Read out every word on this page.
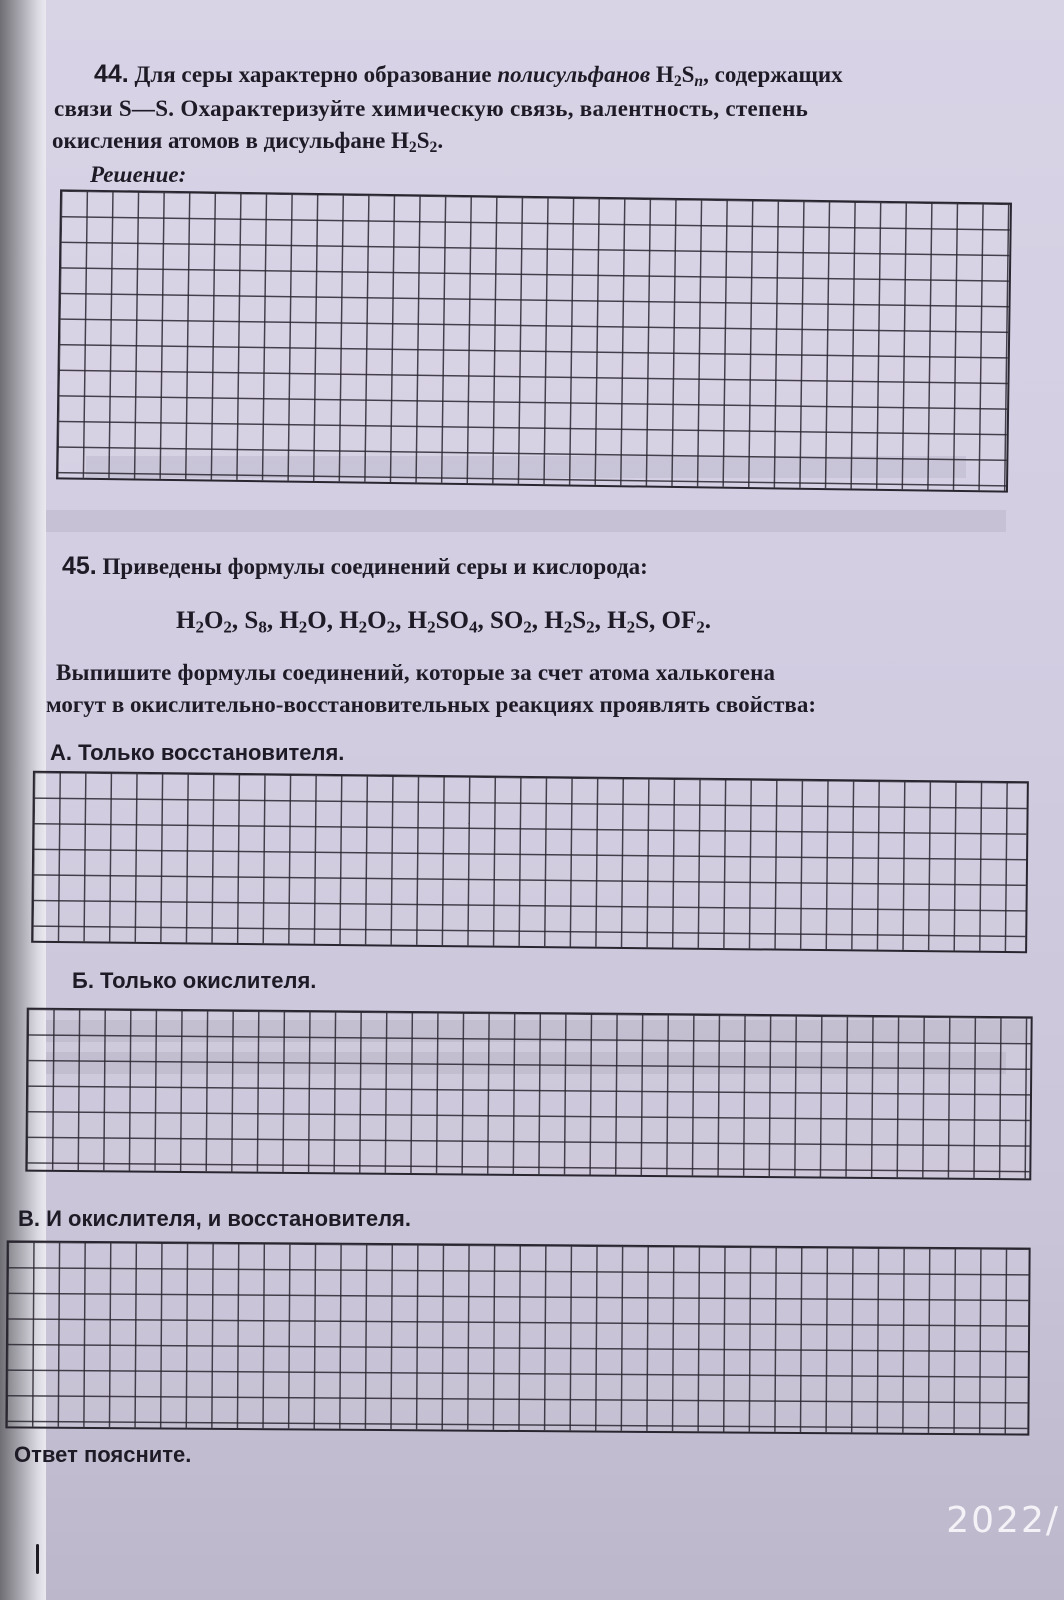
44. Для серы характерно образование полисульфанов $H_2S_n$, содержащих
связи S—S. Охарактеризуйте химическую связь, валентность, степень
окисления атомов в дисульфане $H_2S_2$.
Решение:
45. Приведены формулы соединений серы и кислорода:
$H_2O_2$, $S_8$, $H_2O$, $H_2O_2$, $H_2SO_4$, $SO_2$, $H_2S_2$, $H_2S$, $OF_2$.
Выпишите формулы соединений, которые за счет атома халькогена
могут в окислительно-восстановительных реакциях проявлять свойства:
А. Только восстановителя.
Б. Только окислителя.
В. И окислителя, и восстановителя.
Ответ поясните.
2022/
